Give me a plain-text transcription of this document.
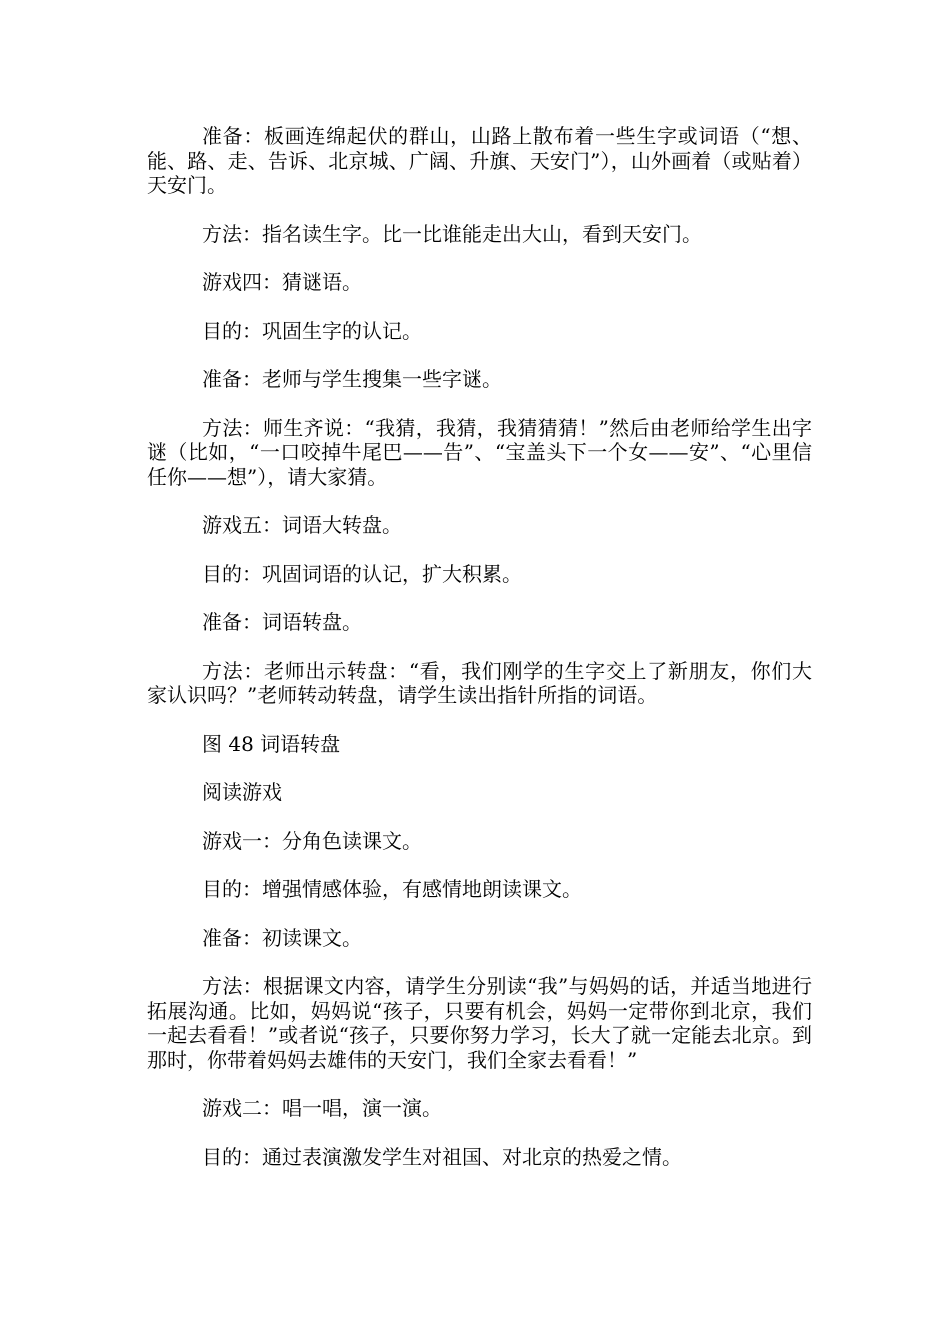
准备：板画连绵起伏的群山，山路上散布着一些生字或词语（“想、能、路、走、告诉、北京城、广阔、升旗、天安门”），山外画着（或贴着）天安门。

方法：指名读生字。比一比谁能走出大山，看到天安门。

游戏四：猜谜语。

目的：巩固生字的认记。

准备：老师与学生搜集一些字谜。

方法：师生齐说：“我猜，我猜，我猜猜猜！”然后由老师给学生出字谜（比如，“一口咬掉牛尾巴——告”、“宝盖头下一个女——安”、“心里信任你——想”），请大家猜。

游戏五：词语大转盘。

目的：巩固词语的认记，扩大积累。

准备：词语转盘。

方法：老师出示转盘：“看，我们刚学的生字交上了新朋友，你们大家认识吗？”老师转动转盘，请学生读出指针所指的词语。

图 48 词语转盘

阅读游戏

游戏一：分角色读课文。

目的：增强情感体验，有感情地朗读课文。

准备：初读课文。

方法：根据课文内容，请学生分别读“我”与妈妈的话，并适当地进行拓展沟通。比如，妈妈说“孩子，只要有机会，妈妈一定带你到北京，我们一起去看看！”或者说“孩子，只要你努力学习，长大了就一定能去北京。到那时，你带着妈妈去雄伟的天安门，我们全家去看看！”

游戏二：唱一唱，演一演。

目的：通过表演激发学生对祖国、对北京的热爱之情。
